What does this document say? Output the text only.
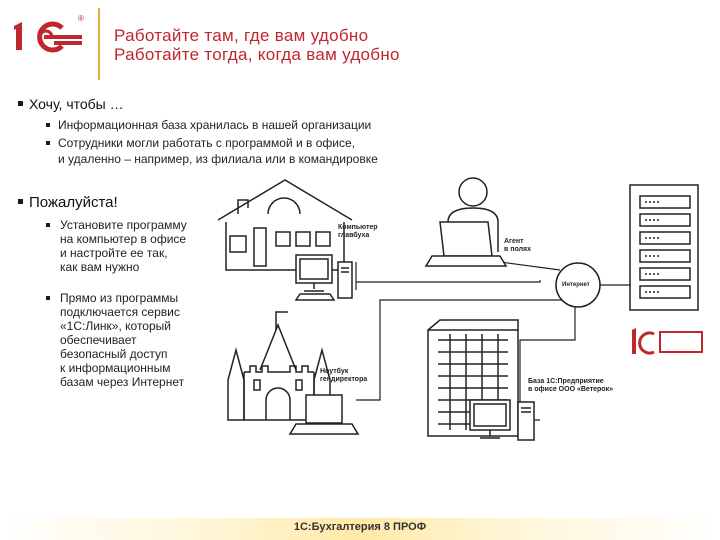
®
Работайте там, где вам удобно
Работайте тогда, когда вам удобно
Хочу, чтобы …
Информационная база хранилась в нашей организации
Сотрудники могли работать с программой и в офисе,
и удаленно – например, из филиала или в командировке
Пожалуйста!
Установите программу
на компьютер в офисе
и настройте ее так,
как вам нужно
Прямо из программы
подключается сервис
«1С:Линк», который
обеспечивает
безопасный доступ
к информационным
базам через Интернет
Компьютер
главбуха
Агент
в полях
Интернет
Ноутбук
гендиректора	База 1С:Предприятие
в офисе ООО «Ветерок»
1С:Бухгалтерия 8 ПРОФ
